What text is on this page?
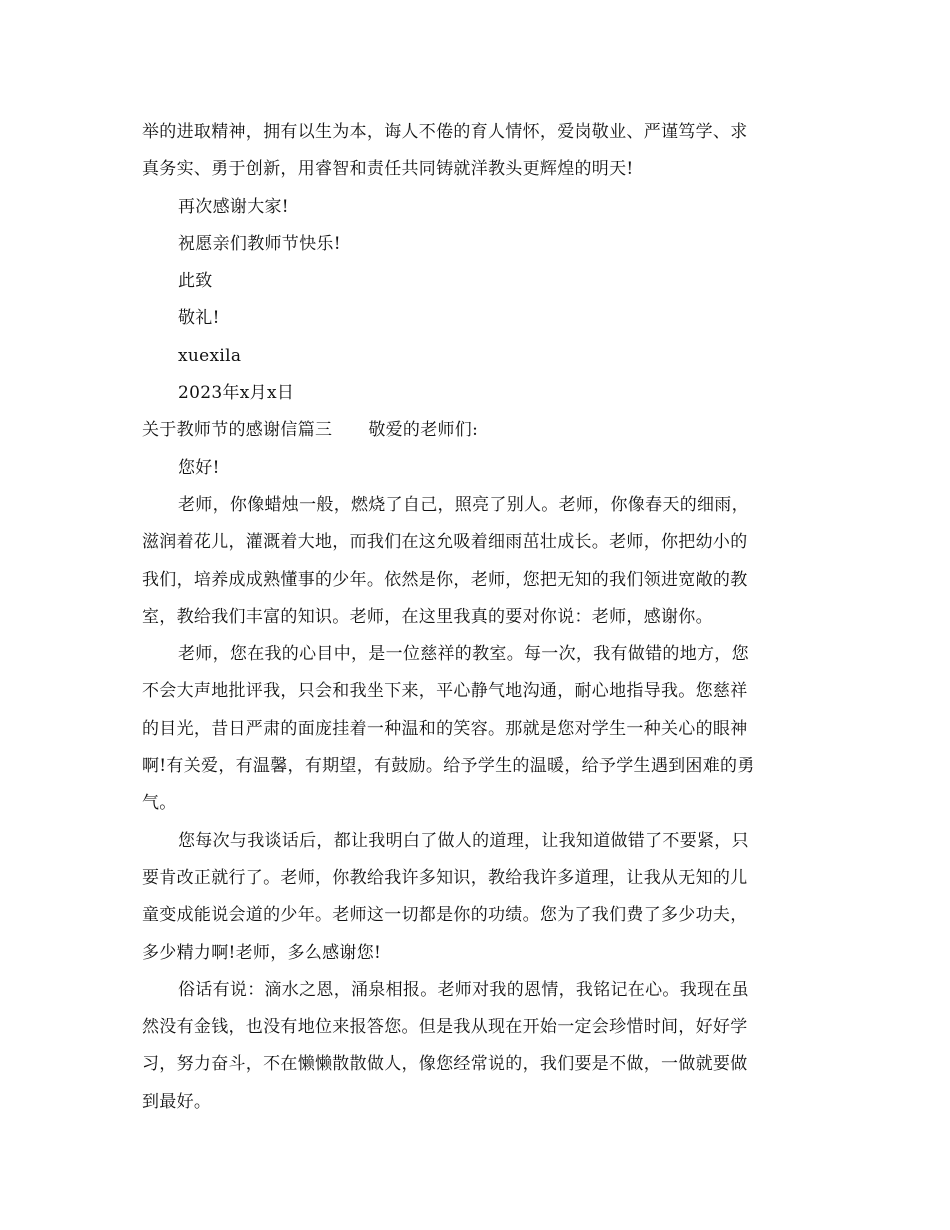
举的进取精神，拥有以生为本，诲人不倦的育人情怀，爱岗敬业、严谨笃学、求

真务实、勇于创新，用睿智和责任共同铸就洋教头更辉煌的明天!

再次感谢大家!

祝愿亲们教师节快乐!

此致

敬礼!

xuexila

2023年x月x日

关于教师节的感谢信篇三 敬爱的老师们:

您好!

老师，你像蜡烛一般，燃烧了自己，照亮了别人。老师，你像春天的细雨，

滋润着花儿，灌溉着大地，而我们在这允吸着细雨茁壮成长。老师，你把幼小的

我们，培养成成熟懂事的少年。依然是你，老师，您把无知的我们领进宽敞的教

室，教给我们丰富的知识。老师，在这里我真的要对你说：老师，感谢你。

老师，您在我的心目中，是一位慈祥的教室。每一次，我有做错的地方，您

不会大声地批评我，只会和我坐下来，平心静气地沟通，耐心地指导我。您慈祥

的目光，昔日严肃的面庞挂着一种温和的笑容。那就是您对学生一种关心的眼神

啊!有关爱，有温馨，有期望，有鼓励。给予学生的温暖，给予学生遇到困难的勇

气。

您每次与我谈话后，都让我明白了做人的道理，让我知道做错了不要紧，只

要肯改正就行了。老师，你教给我许多知识，教给我许多道理，让我从无知的儿

童变成能说会道的少年。老师这一切都是你的功绩。您为了我们费了多少功夫，

多少精力啊!老师，多么感谢您!

俗话有说：滴水之恩，涌泉相报。老师对我的恩情，我铭记在心。我现在虽

然没有金钱，也没有地位来报答您。但是我从现在开始一定会珍惜时间，好好学

习，努力奋斗，不在懒懒散散做人，像您经常说的，我们要是不做，一做就要做

到最好。
